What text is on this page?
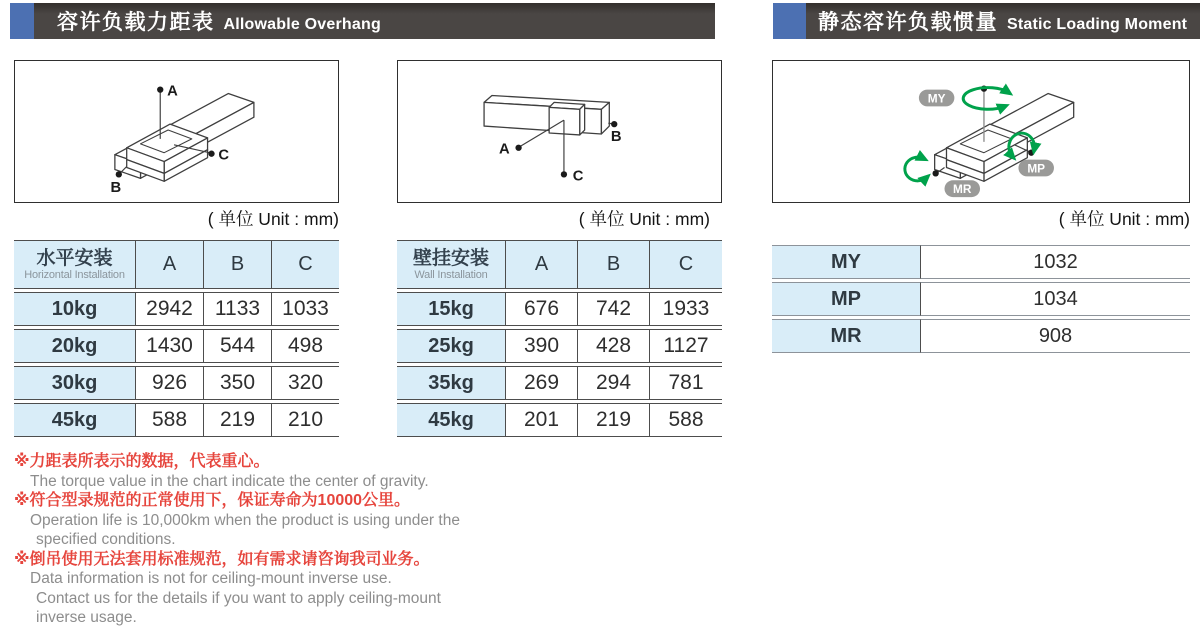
容许负载力距表 Allowable Overhang	静态容许负载惯量 Static Loading Moment
A
C
B
( 单位 Unit : mm)
A
C
B
( 单位 Unit : mm)
MY
MP
MR
( 单位 Unit : mm)
水平安装
Horizontal Installation	A	B	C
10kg	2942	1133	1033
20kg	1430	544	498
30kg	926	350	320
45kg	588	219	210
壁挂安装
Wall Installation	A	B	C
15kg	676	742	1933
25kg	390	428	1127
35kg	269	294	781
45kg	201	219	588
MY	1032
MP	1034
MR	908
※力距表所表示的数据，代表重心。
The torque value in the chart indicate the center of gravity.
※符合型录规范的正常使用下，保证寿命为10000公里。
Operation life is 10,000km when the product is using under the
specified conditions.
※倒吊使用无法套用标准规范，如有需求请咨询我司业务。
Data information is not for ceiling-mount inverse use.
Contact us for the details if you want to apply ceiling-mount
inverse usage.
